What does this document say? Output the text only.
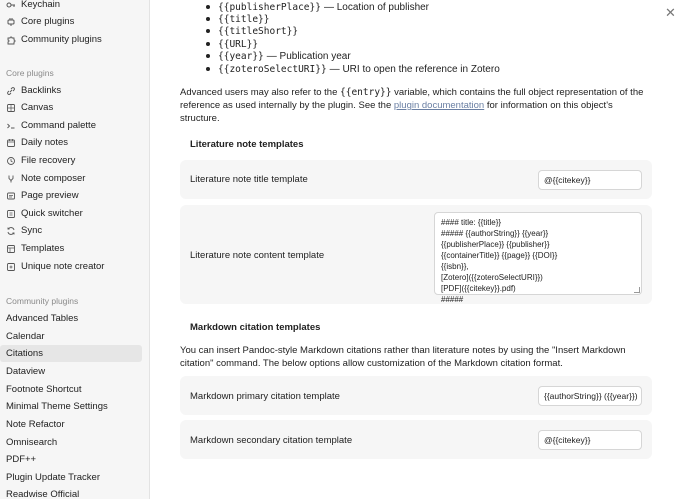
Keychain
Core plugins
Community plugins
Core plugins
Backlinks
Canvas
Command palette
Daily notes
File recovery
Note composer
Page preview
Quick switcher
Sync
Templates
Unique note creator
Community plugins
Advanced Tables
Calendar
Citations
Dataview
Footnote Shortcut
Minimal Theme Settings
Note Refactor
Omnisearch
PDF++
Plugin Update Tracker
Readwise Official
✕
{{publisherPlace}} — Location of publisher
{{title}}
{{titleShort}}
{{URL}}
{{year}} — Publication year
{{zoteroSelectURI}} — URI to open the reference in Zotero
Advanced users may also refer to the {{entry}} variable, which contains the full object representation of the reference as used internally by the plugin. See the plugin documentation for information on this object's structure.
Literature note templates
Literature note title template	@{{citekey}}
Literature note content template
#### title: {{title}}
##### {{authorString}} {{year}}
{{publisherPlace}} {{publisher}}
{{containerTitle}} {{page}} {{DOI}}
{{isbn}},
[Zotero]({{zoteroSelectURI}})
[PDF]({{citekey}}.pdf)
#####
Markdown citation templates
You can insert Pandoc-style Markdown citations rather than literature notes by using the "Insert Markdown citation" command. The below options allow customization of the Markdown citation format.
Markdown primary citation template	{{authorString}} ({{year}})
Markdown secondary citation template	@{{citekey}}
